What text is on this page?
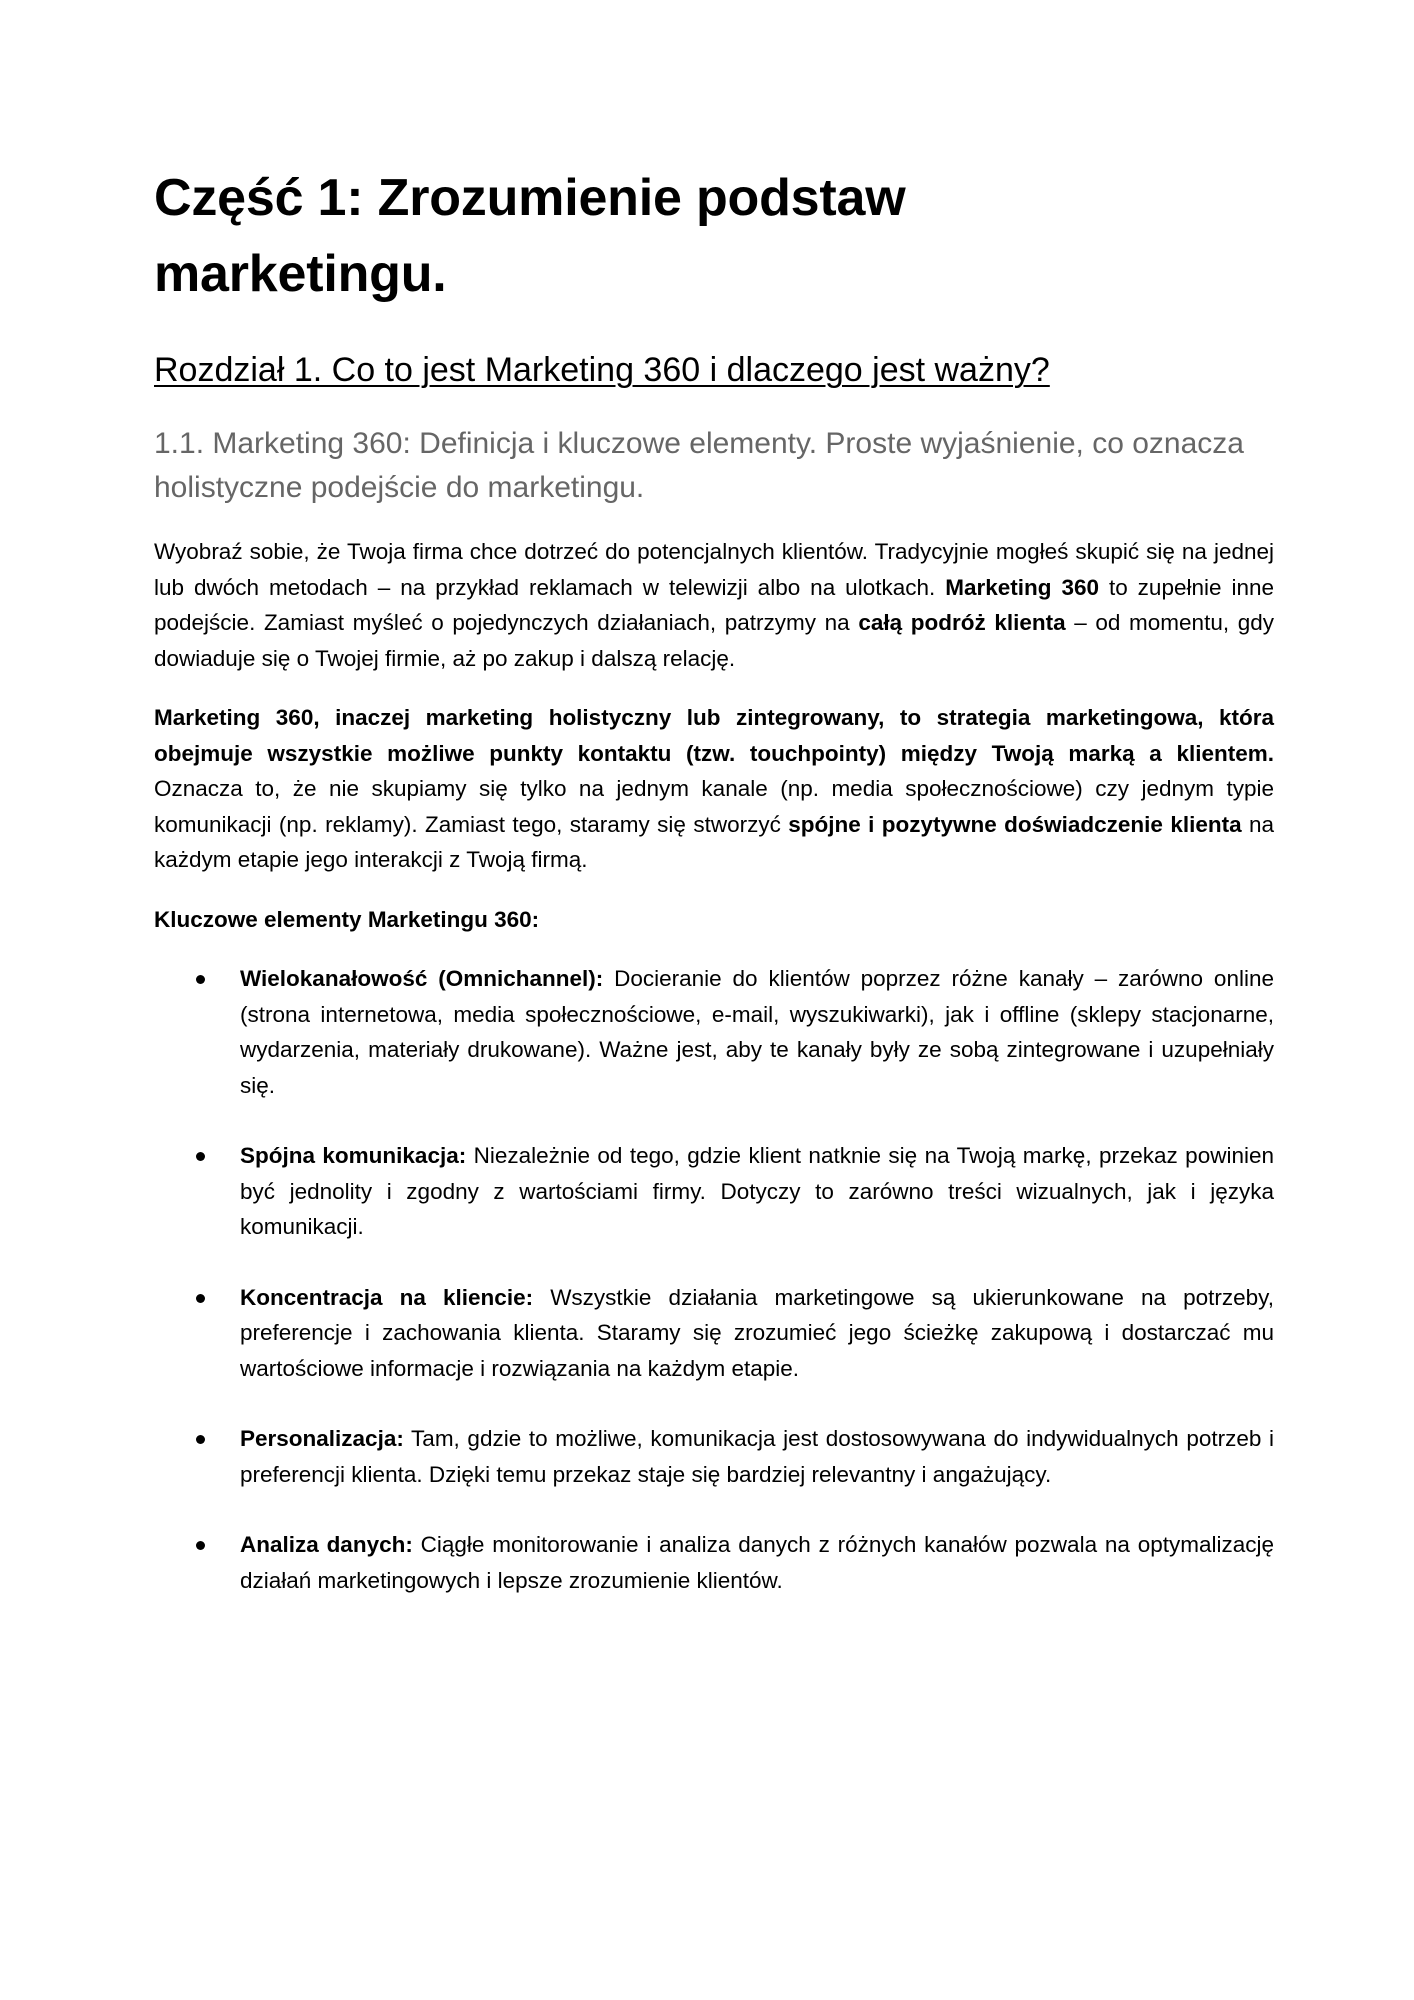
Część 1: Zrozumienie podstaw marketingu.
Rozdział 1. Co to jest Marketing 360 i dlaczego jest ważny?
1.1. Marketing 360: Definicja i kluczowe elementy. Proste wyjaśnienie, co oznacza holistyczne podejście do marketingu.

Wyobraź sobie, że Twoja firma chce dotrzeć do potencjalnych klientów. Tradycyjnie mogłeś skupić się na jednej lub dwóch metodach – na przykład reklamach w telewizji albo na ulotkach. Marketing 360 to zupełnie inne podejście. Zamiast myśleć o pojedynczych działaniach, patrzymy na całą podróż klienta – od momentu, gdy dowiaduje się o Twojej firmie, aż po zakup i dalszą relację.

Marketing 360, inaczej marketing holistyczny lub zintegrowany, to strategia marketingowa, która obejmuje wszystkie możliwe punkty kontaktu (tzw. touchpointy) między Twoją marką a klientem. Oznacza to, że nie skupiamy się tylko na jednym kanale (np. media społecznościowe) czy jednym typie komunikacji (np. reklamy). Zamiast tego, staramy się stworzyć spójne i pozytywne doświadczenie klienta na każdym etapie jego interakcji z Twoją firmą.

Kluczowe elementy Marketingu 360:
Wielokanałowość (Omnichannel): Docieranie do klientów poprzez różne kanały – zarówno online (strona internetowa, media społecznościowe, e-mail, wyszukiwarki), jak i offline (sklepy stacjonarne, wydarzenia, materiały drukowane). Ważne jest, aby te kanały były ze sobą zintegrowane i uzupełniały się.
Spójna komunikacja: Niezależnie od tego, gdzie klient natknie się na Twoją markę, przekaz powinien być jednolity i zgodny z wartościami firmy. Dotyczy to zarówno treści wizualnych, jak i języka komunikacji.
Koncentracja na kliencie: Wszystkie działania marketingowe są ukierunkowane na potrzeby, preferencje i zachowania klienta. Staramy się zrozumieć jego ścieżkę zakupową i dostarczać mu wartościowe informacje i rozwiązania na każdym etapie.
Personalizacja: Tam, gdzie to możliwe, komunikacja jest dostosowywana do indywidualnych potrzeb i preferencji klienta. Dzięki temu przekaz staje się bardziej relevantny i angażujący.
Analiza danych: Ciągłe monitorowanie i analiza danych z różnych kanałów pozwala na optymalizację działań marketingowych i lepsze zrozumienie klientów.
